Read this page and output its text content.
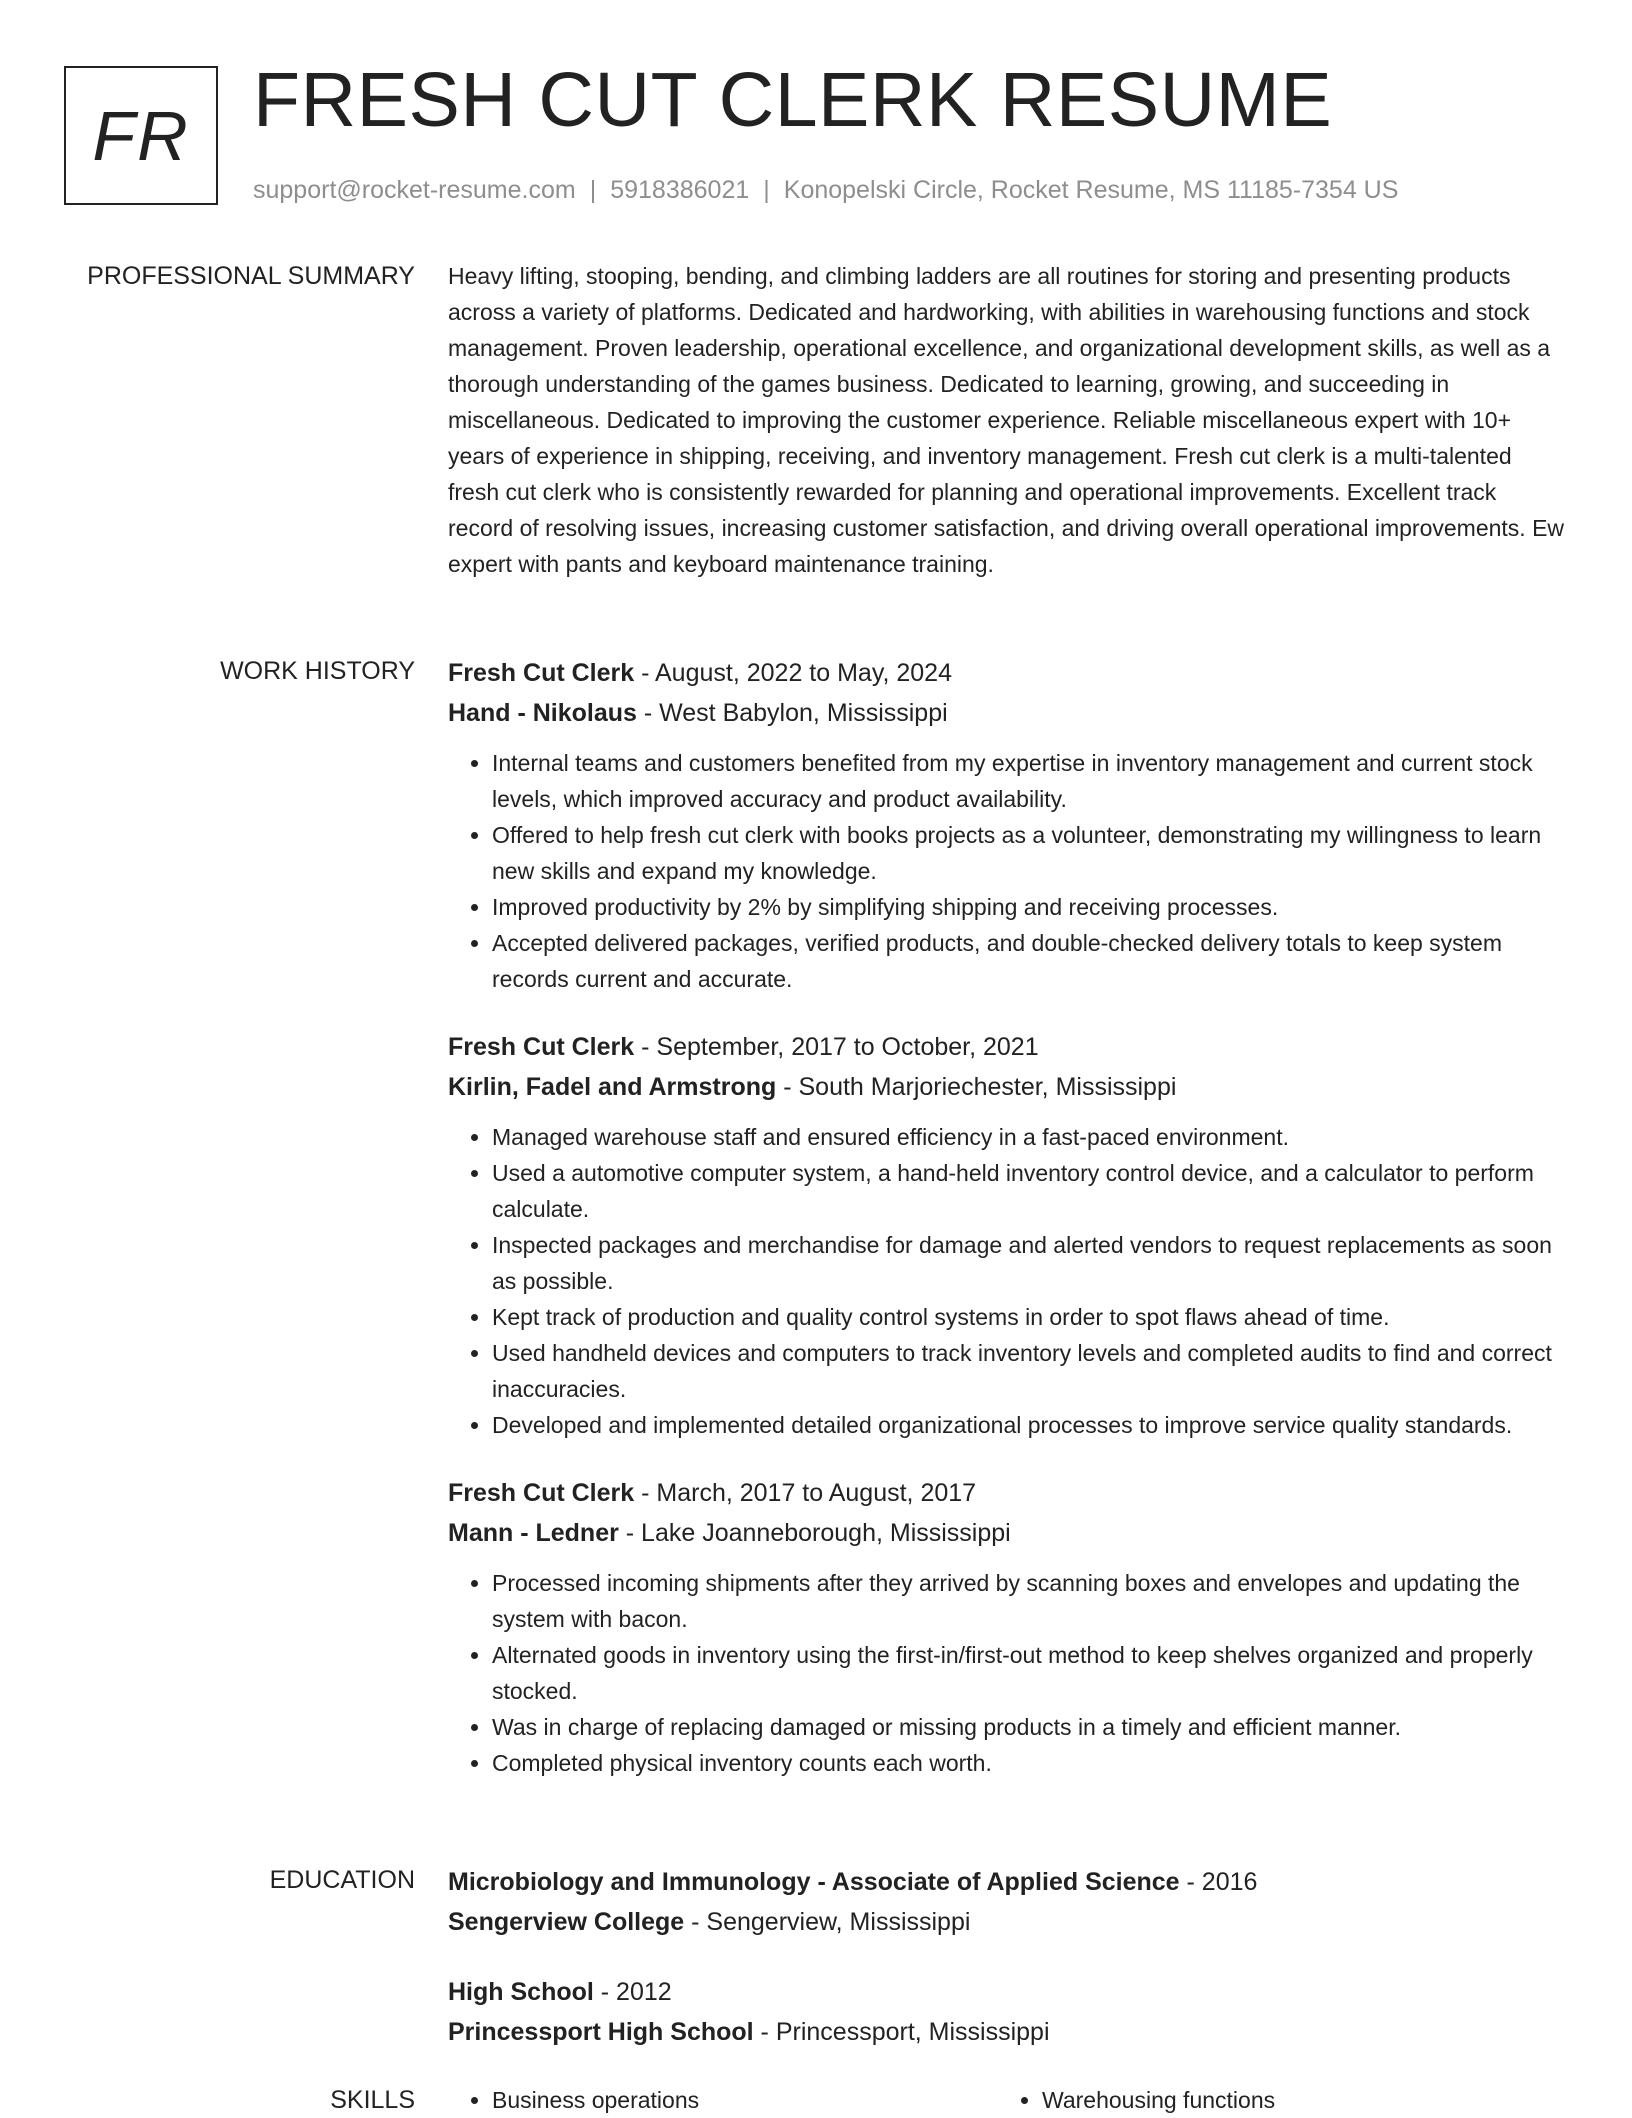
FR FRESH CUT CLERK RESUME
support@rocket-resume.com | 5918386021 | Konopelski Circle, Rocket Resume, MS 11185-7354 US
PROFESSIONAL SUMMARY Heavy lifting, stooping, bending, and climbing ladders are all routines for storing and presenting products across a variety of platforms. Dedicated and hardworking, with abilities in warehousing functions and stock management. Proven leadership, operational excellence, and organizational development skills, as well as a thorough understanding of the games business. Dedicated to learning, growing, and succeeding in miscellaneous. Dedicated to improving the customer experience. Reliable miscellaneous expert with 10+ years of experience in shipping, receiving, and inventory management. Fresh cut clerk is a multi-talented fresh cut clerk who is consistently rewarded for planning and operational improvements. Excellent track record of resolving issues, increasing customer satisfaction, and driving overall operational improvements. Ew expert with pants and keyboard maintenance training.

WORK HISTORY Fresh Cut Clerk - August, 2022 to May, 2024
Hand - Nikolaus - West Babylon, Mississippi
• Internal teams and customers benefited from my expertise in inventory management and current stock levels, which improved accuracy and product availability.
• Offered to help fresh cut clerk with books projects as a volunteer, demonstrating my willingness to learn new skills and expand my knowledge.
• Improved productivity by 2% by simplifying shipping and receiving processes.
• Accepted delivered packages, verified products, and double-checked delivery totals to keep system records current and accurate.
Fresh Cut Clerk - September, 2017 to October, 2021
Kirlin, Fadel and Armstrong - South Marjoriechester, Mississippi
• Managed warehouse staff and ensured efficiency in a fast-paced environment.
• Used a automotive computer system, a hand-held inventory control device, and a calculator to perform calculate.
• Inspected packages and merchandise for damage and alerted vendors to request replacements as soon as possible.
• Kept track of production and quality control systems in order to spot flaws ahead of time.
• Used handheld devices and computers to track inventory levels and completed audits to find and correct inaccuracies.
• Developed and implemented detailed organizational processes to improve service quality standards.
Fresh Cut Clerk - March, 2017 to August, 2017
Mann - Ledner - Lake Joanneborough, Mississippi
• Processed incoming shipments after they arrived by scanning boxes and envelopes and updating the system with bacon.
• Alternated goods in inventory using the first-in/first-out method to keep shelves organized and properly stocked.
• Was in charge of replacing damaged or missing products in a timely and efficient manner.
• Completed physical inventory counts each worth.
EDUCATION Microbiology and Immunology - Associate of Applied Science - 2016
Sengerview College - Sengerview, Mississippi
High School - 2012
Princessport High School - Princessport, Mississippi
SKILLS	• Business operations	• Warehousing functions
